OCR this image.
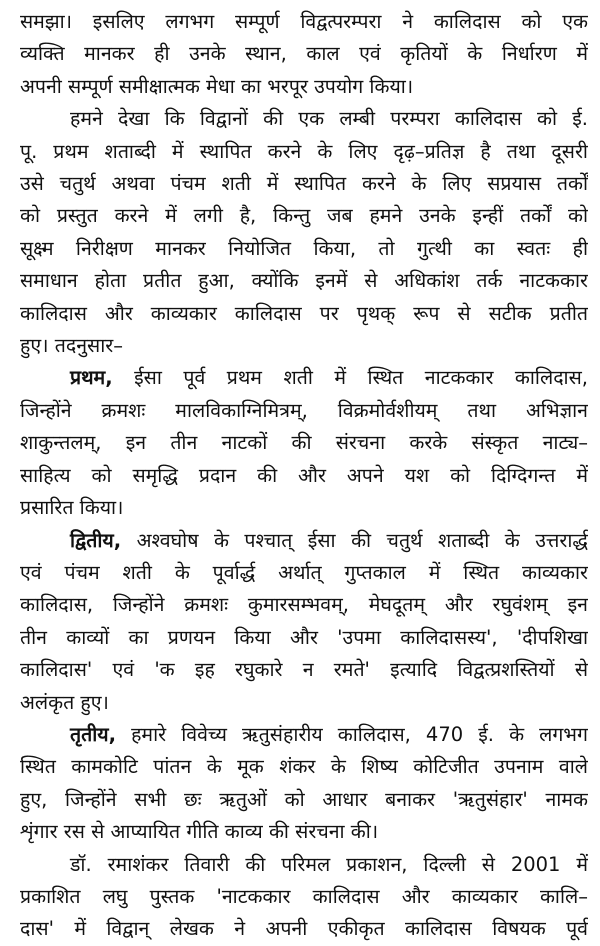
समझा। इसलिए लगभग सम्पूर्ण विद्वत्परम्परा ने कालिदास को एक
व्यक्ति मानकर ही उनके स्थान, काल एवं कृतियों के निर्धारण में
अपनी सम्पूर्ण समीक्षात्मक मेधा का भरपूर उपयोग किया।

हमने देखा कि विद्वानों की एक लम्बी परम्परा कालिदास को ई.
पू. प्रथम शताब्दी में स्थापित करने के लिए दृढ़–प्रतिज्ञ है तथा दूसरी
उसे चतुर्थ अथवा पंचम शती में स्थापित करने के लिए सप्रयास तर्कों
को प्रस्तुत करने में लगी है, किन्तु जब हमने उनके इन्हीं तर्कों को
सूक्ष्म निरीक्षण मानकर नियोजित किया, तो गुत्थी का स्वतः ही
समाधान होता प्रतीत हुआ, क्योंकि इनमें से अधिकांश तर्क नाटककार
कालिदास और काव्यकार कालिदास पर पृथक् रूप से सटीक प्रतीत
हुए। तदनुसार–

प्रथम, ईसा पूर्व प्रथम शती में स्थित नाटककार कालिदास,
जिन्होंने क्रमशः मालविकाग्निमित्रम्, विक्रमोर्वशीयम् तथा अभिज्ञान
शाकुन्तलम्, इन तीन नाटकों की संरचना करके संस्कृत नाट्य–
साहित्य को समृद्धि प्रदान की और अपने यश को दिग्दिगन्त में
प्रसारित किया।

द्वितीय, अश्वघोष के पश्चात् ईसा की चतुर्थ शताब्दी के उत्तरार्द्ध
एवं पंचम शती के पूर्वार्द्ध अर्थात् गुप्तकाल में स्थित काव्यकार
कालिदास, जिन्होंने क्रमशः कुमारसम्भवम्, मेघदूतम् और रघुवंशम् इन
तीन काव्यों का प्रणयन किया और 'उपमा कालिदासस्य', 'दीपशिखा
कालिदास' एवं 'क इह रघुकारे न रमते' इत्यादि विद्वत्प्रशस्तियों से
अलंकृत हुए।

तृतीय, हमारे विवेच्य ऋतुसंहारीय कालिदास, 470 ई. के लगभग
स्थित कामकोटि पांतन के मूक शंकर के शिष्य कोटिजीत उपनाम वाले
हुए, जिन्होंने सभी छः ऋतुओं को आधार बनाकर 'ऋतुसंहार' नामक
शृंगार रस से आप्यायित गीति काव्य की संरचना की।

डॉ. रमाशंकर तिवारी की परिमल प्रकाशन, दिल्ली से 2001 में
प्रकाशित लघु पुस्तक 'नाटककार कालिदास और काव्यकार कालि–
दास' में विद्वान् लेखक ने अपनी एकीकृत कालिदास विषयक पूर्व
